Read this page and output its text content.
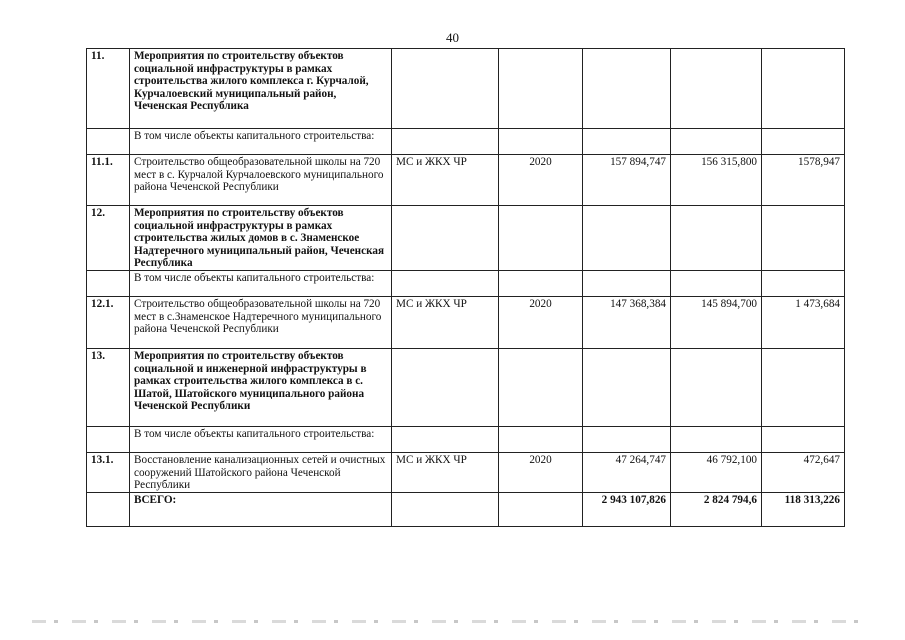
40
11.	Мероприятия по строительству объектов социальной инфраструктуры в рамках строительства жилого комплекса г. Курчалой, Курчалоевский муниципальный район, Чеченская Республика					
	В том числе объекты капитального строительства:					
11.1.	Строительство общеобразовательной школы на 720 мест в с. Курчалой Курчалоевского муниципального района Чеченской Республики	МС и ЖКХ ЧР	2020	157 894,747	156 315,800	1578,947
12.	Мероприятия по строительству объектов социальной инфраструктуры в рамках строительства жилых домов в с. Знаменское Надтеречного муниципальный район, Чеченская Республика					
	В том числе объекты капитального строительства:					
12.1.	Строительство общеобразовательной школы на 720 мест в с.Знаменское Надтеречного муниципального района Чеченской Республики	МС и ЖКХ ЧР	2020	147 368,384	145 894,700	1 473,684
13.	Мероприятия по строительству объектов социальной и инженерной инфраструктуры в рамках строительства жилого комплекса в с. Шатой, Шатойского муниципального района Чеченской Республики					
	В том числе объекты капитального строительства:					
13.1.	Восстановление канализационных сетей и очистных сооружений Шатойского района Чеченской Республики	МС и ЖКХ ЧР	2020	47 264,747	46 792,100	472,647
	ВСЕГО:			2 943 107,826	2 824 794,6	118 313,226
